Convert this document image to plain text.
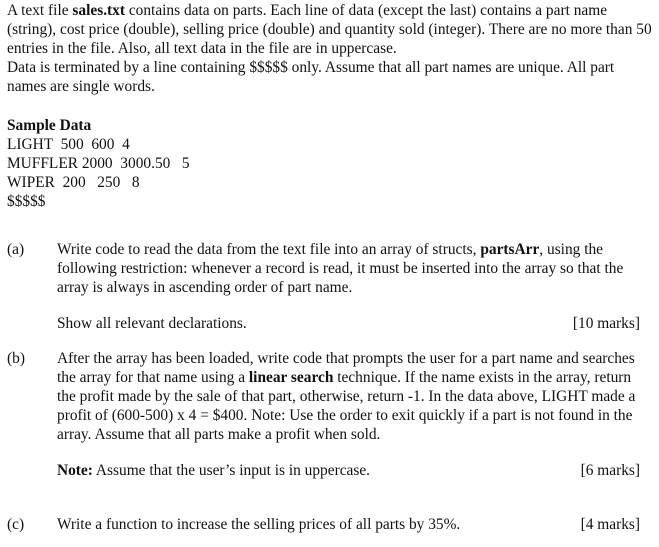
A text file sales.txt contains data on parts. Each line of data (except the last) contains a part name (string), cost price (double), selling price (double) and quantity sold (integer). There are no more than 50 entries in the file. Also, all text data in the file are in uppercase.

Data is terminated by a line containing $$$$$ only. Assume that all part names are unique. All part names are single words.

Sample Data
LIGHT  500  600  4
MUFFLER 2000  3000.50   5
WIPER  200   250   8
$$$$$
(a) Write code to read the data from the text file into an array of structs, partsArr, using the following restriction: whenever a record is read, it must be inserted into the array so that the array is always in ascending order of part name.

Show all relevant declarations.	[10 marks]
(b) After the array has been loaded, write code that prompts the user for a part name and searches the array for that name using a linear search technique. If the name exists in the array, return the profit made by the sale of that part, otherwise, return -1. In the data above, LIGHT made a profit of (600-500) x 4 = $400. Note: Use the order to exit quickly if a part is not found in the array. Assume that all parts make a profit when sold.

Note: Assume that the user’s input is in uppercase.	[6 marks]
(c) Write a function to increase the selling prices of all parts by 35%.	[4 marks]
